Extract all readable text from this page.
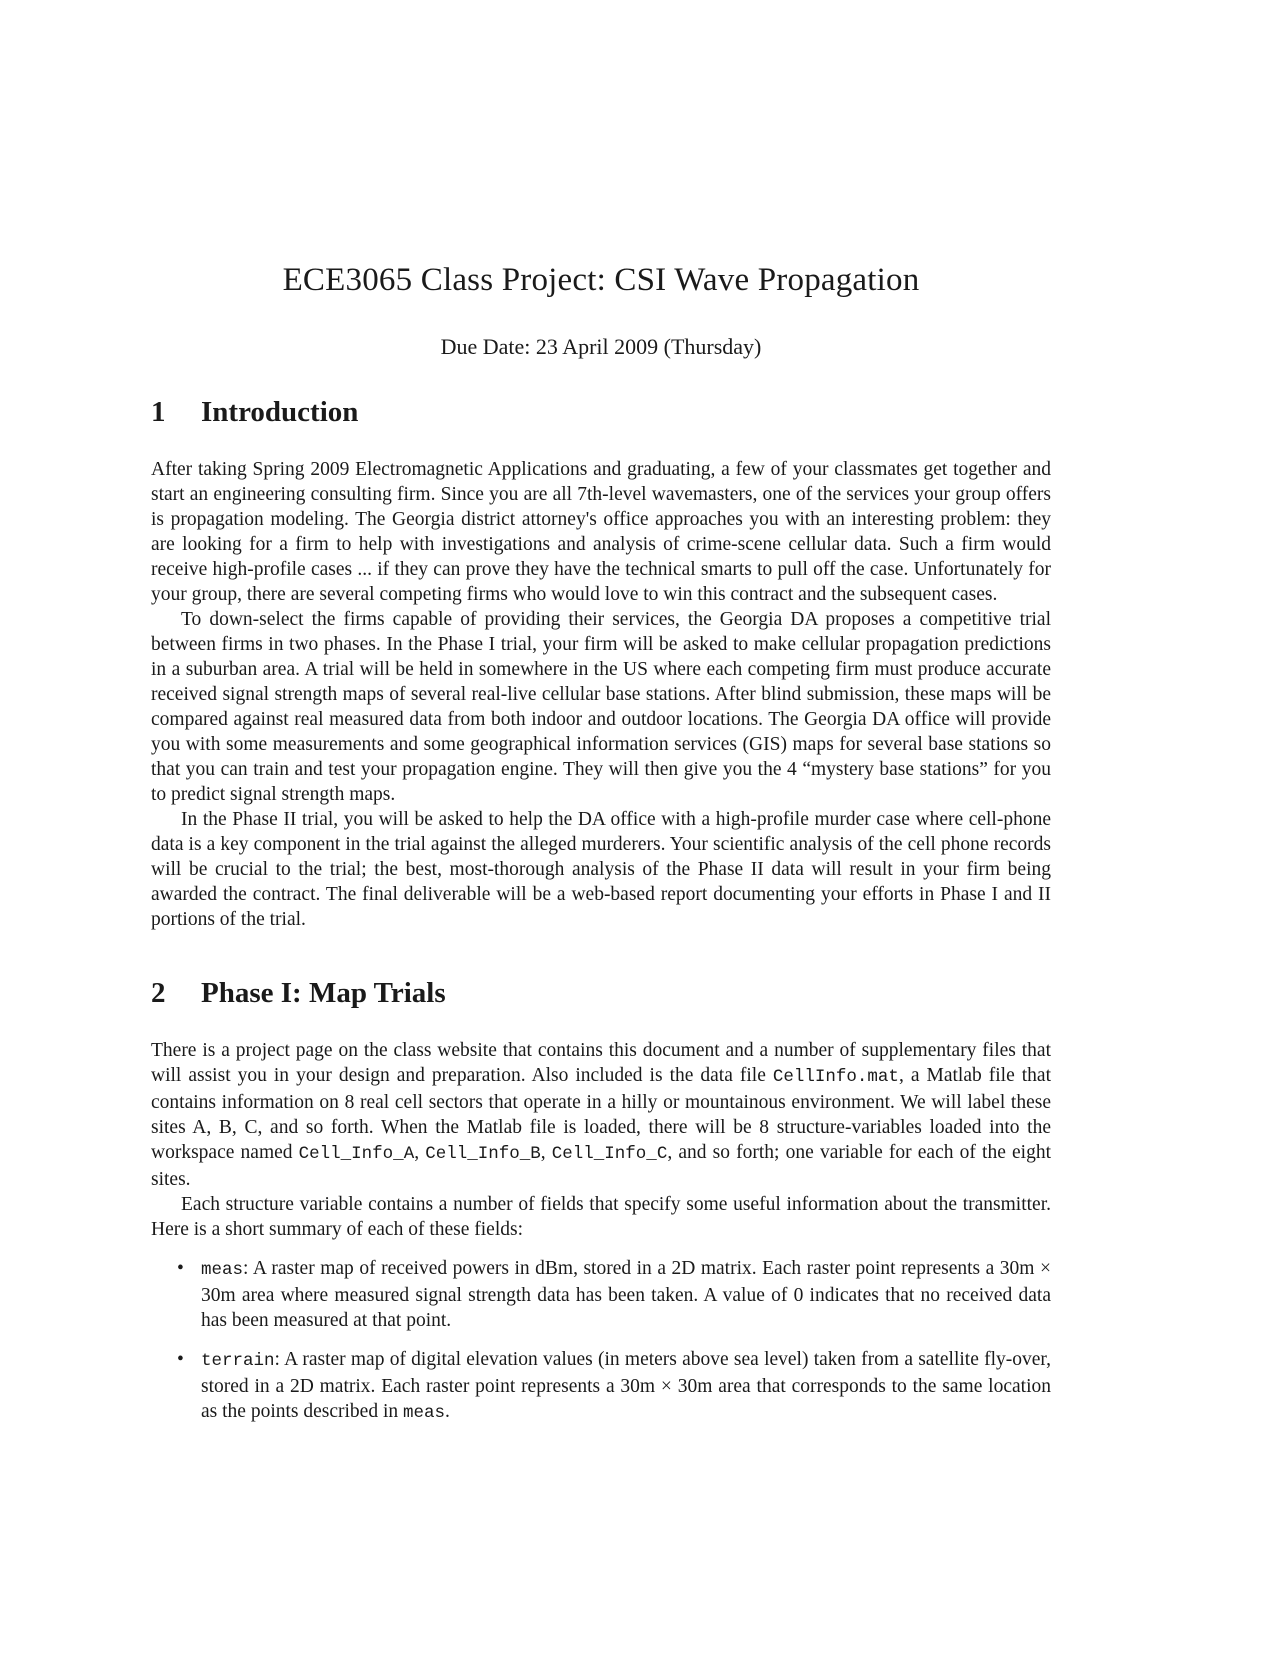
ECE3065 Class Project: CSI Wave Propagation

Due Date: 23 April 2009 (Thursday)

1	Introduction

After taking Spring 2009 Electromagnetic Applications and graduating, a few of your classmates get together and start an engineering consulting firm. Since you are all 7th-level wavemasters, one of the services your group offers is propagation modeling. The Georgia district attorney's office approaches you with an interesting problem: they are looking for a firm to help with investigations and analysis of crime-scene cellular data. Such a firm would receive high-profile cases ... if they can prove they have the technical smarts to pull off the case. Unfortunately for your group, there are several competing firms who would love to win this contract and the subsequent cases.

To down-select the firms capable of providing their services, the Georgia DA proposes a competitive trial between firms in two phases. In the Phase I trial, your firm will be asked to make cellular propagation predictions in a suburban area. A trial will be held in somewhere in the US where each competing firm must produce accurate received signal strength maps of several real-live cellular base stations. After blind submission, these maps will be compared against real measured data from both indoor and outdoor locations. The Georgia DA office will provide you with some measurements and some geographical information services (GIS) maps for several base stations so that you can train and test your propagation engine. They will then give you the 4 “mystery base stations” for you to predict signal strength maps.

In the Phase II trial, you will be asked to help the DA office with a high-profile murder case where cell-phone data is a key component in the trial against the alleged murderers. Your scientific analysis of the cell phone records will be crucial to the trial; the best, most-thorough analysis of the Phase II data will result in your firm being awarded the contract. The final deliverable will be a web-based report documenting your efforts in Phase I and II portions of the trial.

2	Phase I: Map Trials

There is a project page on the class website that contains this document and a number of supplementary files that will assist you in your design and preparation. Also included is the data file CellInfo.mat, a Matlab file that contains information on 8 real cell sectors that operate in a hilly or mountainous environment. We will label these sites A, B, C, and so forth. When the Matlab file is loaded, there will be 8 structure-variables loaded into the workspace named Cell_Info_A, Cell_Info_B, Cell_Info_C, and so forth; one variable for each of the eight sites.

Each structure variable contains a number of fields that specify some useful information about the transmitter. Here is a short summary of each of these fields:

• meas: A raster map of received powers in dBm, stored in a 2D matrix. Each raster point represents a 30m × 30m area where measured signal strength data has been taken. A value of 0 indicates that no received data has been measured at that point.
• terrain: A raster map of digital elevation values (in meters above sea level) taken from a satellite fly-over, stored in a 2D matrix. Each raster point represents a 30m × 30m area that corresponds to the same location as the points described in meas.
